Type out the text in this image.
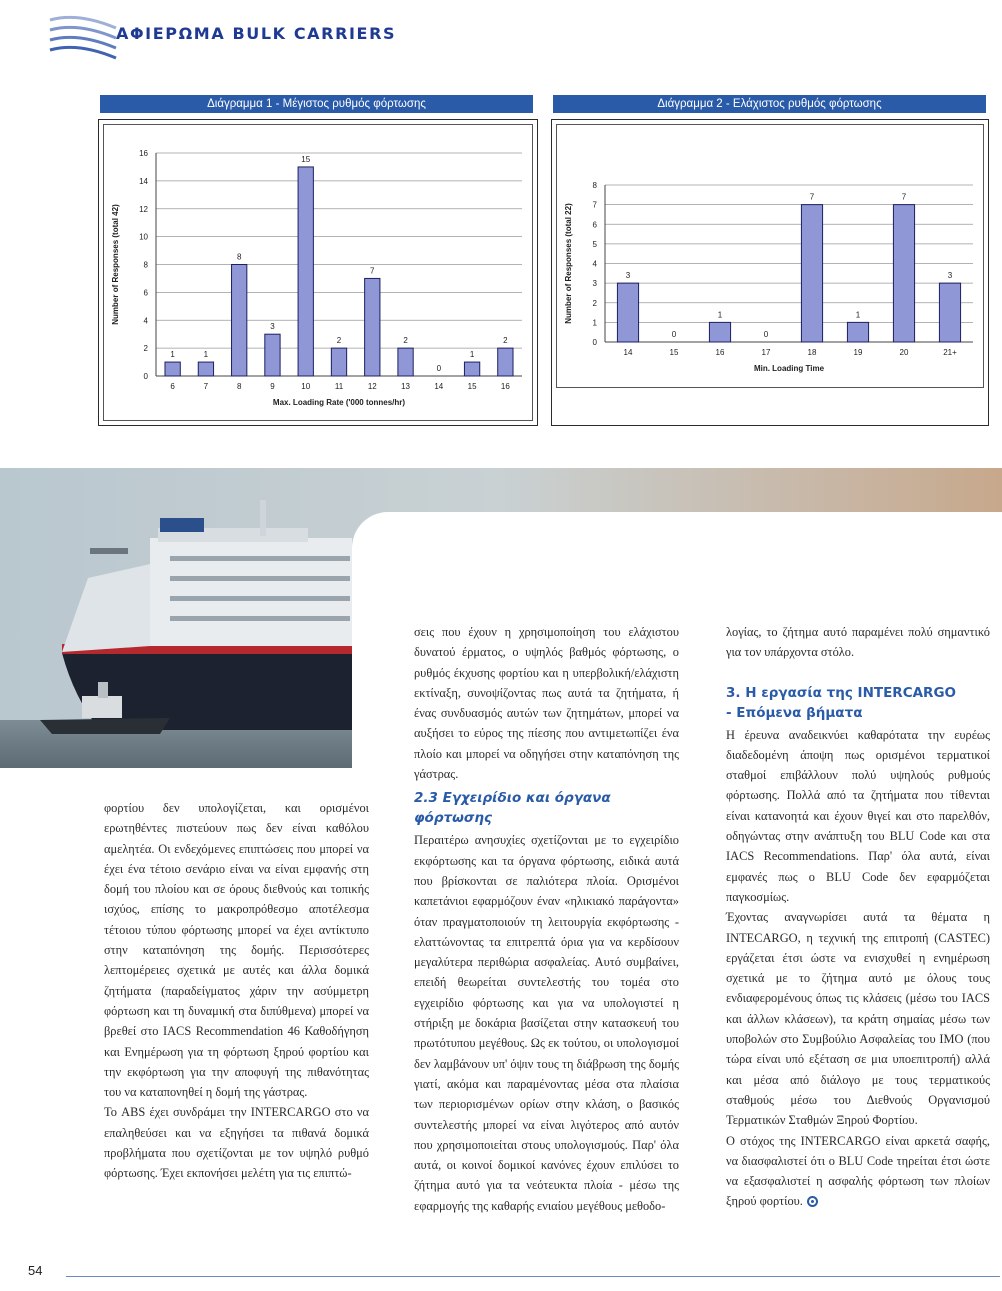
ΑΦΙΕΡΩΜΑ BULK CARRIERS
Διάγραμμα 1 - Μέγιστος ρυθμός φόρτωσης
0
2
4
6
8
10
12
14
16
1
6
1
7
8
8
3
9
15
10
2
11
7
12
2
13
0
14
1
15
2
16
Max. Loading Rate ('000 tonnes/hr)
Number of Responses (total 42)
Διάγραμμα 2 - Ελάχιστος ρυθμός φόρτωσης
0
1
2
3
4
5
6
7
8
3
14
0
15
1
16
0
17
7
18
1
19
7
20
3
21+
Min. Loading Time
Number of Responses (total 22)

φορτίου δεν υπολογίζεται, και ορισμένοι ερωτηθέντες πιστεύουν πως δεν είναι καθόλου αμελητέα. Οι ενδεχόμενες επιπτώσεις που μπορεί να έχει ένα τέτοιο σενάριο είναι να είναι εμφανής στη δομή του πλοίου και σε όρους διεθνούς και τοπικής ισχύος, επίσης το μακροπρόθεσμο αποτέλεσμα τέτοιου τύπου φόρτωσης μπορεί να έχει αντίκτυπο στην καταπόνηση της δομής. Περισσότερες λεπτομέρειες σχετικά με αυτές και άλλα δομικά ζητήματα (παραδείγματος χάριν την ασύμμετρη φόρτωση και τη δυναμική στα διπύθμενα) μπορεί να βρεθεί στο IACS Recommendation 46 Καθοδήγηση και Ενημέρωση για τη φόρτωση ξηρού φορτίου και την εκφόρτωση για την αποφυγή της πιθανότητας του να καταπονηθεί η δομή της γάστρας.

Το ABS έχει συνδράμει την INTERCARGO στο να επαληθεύσει και να εξηγήσει τα πιθανά δομικά προβλήματα που σχετίζονται με τον υψηλό ρυθμό φόρτωσης. Έχει εκπονήσει μελέτη για τις επιπτώ-

σεις που έχουν η χρησιμοποίηση του ελάχιστου δυνατού έρματος, ο υψηλός βαθμός φόρτωσης, ο ρυθμός έκχυσης φορτίου και η υπερβολική/ελάχιστη εκτίναξη, συνοψίζοντας πως αυτά τα ζητήματα, ή ένας συνδυασμός αυτών των ζητημάτων, μπορεί να αυξήσει το εύρος της πίεσης που αντιμετωπίζει ένα πλοίο και μπορεί να οδηγήσει στην καταπόνηση της γάστρας.

2.3 Εγχειρίδιο και όργανα φόρτωσης

Περαιτέρω ανησυχίες σχετίζονται με το εγχειρίδιο εκφόρτωσης και τα όργανα φόρτωσης, ειδικά αυτά που βρίσκονται σε παλιότερα πλοία. Ορισμένοι καπετάνιοι εφαρμόζουν έναν «ηλικιακό παράγοντα» όταν πραγματοποιούν τη λειτουργία εκφόρτωσης - ελαττώνοντας τα επιτρεπτά όρια για να κερδίσουν μεγαλύτερα περιθώρια ασφαλείας. Αυτό συμβαίνει, επειδή θεωρείται συντελεστής του τομέα στο εγχειρίδιο φόρτωσης και για να υπολογιστεί η στήριξη με δοκάρια βασίζεται στην κατασκευή του πρωτότυπου μεγέθους. Ως εκ τούτου, οι υπολογισμοί δεν λαμβάνουν υπ' όψιν τους τη διάβρωση της δομής γιατί, ακόμα και παραμένοντας μέσα στα πλαίσια των περιορισμένων ορίων στην κλάση, ο βασικός συντελεστής μπορεί να είναι λιγότερος από αυτόν που χρησιμοποιείται στους υπολογισμούς. Παρ' όλα αυτά, οι κοινοί δομικοί κανόνες έχουν επιλύσει το ζήτημα αυτό για τα νεότευκτα πλοία - μέσω της εφαρμογής της καθαρής ενιαίου μεγέθους μεθοδο-

λογίας, το ζήτημα αυτό παραμένει πολύ σημαντικό για τον υπάρχοντα στόλο.

3. Η εργασία της INTERCARGO
- Επόμενα βήματα

Η έρευνα αναδεικνύει καθαρότατα την ευρέως διαδεδομένη άποψη πως ορισμένοι τερματικοί σταθμοί επιβάλλουν πολύ υψηλούς ρυθμούς φόρτωσης. Πολλά από τα ζητήματα που τίθενται είναι κατανοητά και έχουν θιγεί και στο παρελθόν, οδηγώντας στην ανάπτυξη του BLU Code και στα IACS Recommendations. Παρ' όλα αυτά, είναι εμφανές πως ο BLU Code δεν εφαρμόζεται παγκοσμίως.

Έχοντας αναγνωρίσει αυτά τα θέματα η INTECARGO, η τεχνική της επιτροπή (CASTEC) εργάζεται έτσι ώστε να ενισχυθεί η ενημέρωση σχετικά με το ζήτημα αυτό με όλους τους ενδιαφερομένους όπως τις κλάσεις (μέσω του IACS και άλλων κλάσεων), τα κράτη σημαίας μέσω των υποβολών στο Συμβούλιο Ασφαλείας του IMO (που τώρα είναι υπό εξέταση σε μια υποεπιτροπή) αλλά και μέσα από διάλογο με τους τερματικούς σταθμούς μέσω του Διεθνούς Οργανισμού Τερματικών Σταθμών Ξηρού Φορτίου.

Ο στόχος της INTERCARGO είναι αρκετά σαφής, να διασφαλιστεί ότι ο BLU Code τηρείται έτσι ώστε να εξασφαλιστεί η ασφαλής φόρτωση των πλοίων ξηρού φορτίου.

54
